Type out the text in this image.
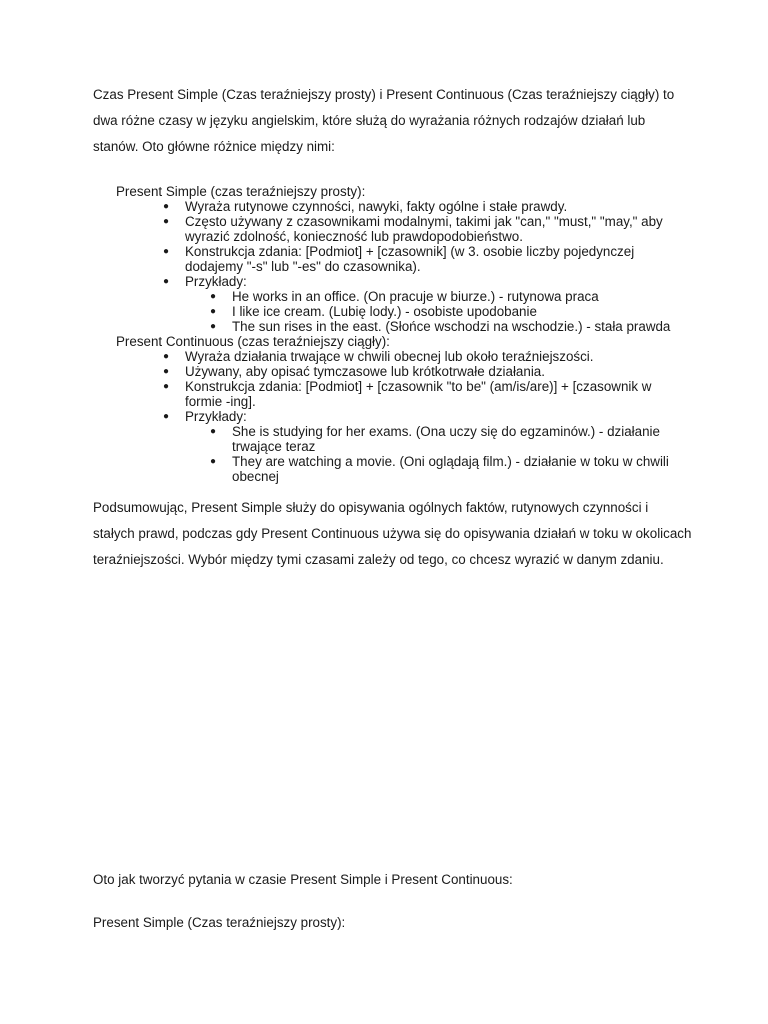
Czas Present Simple (Czas teraźniejszy prosty) i Present Continuous (Czas teraźniejszy ciągły) to dwa różne czasy w języku angielskim, które służą do wyrażania różnych rodzajów działań lub stanów. Oto główne różnice między nimi:

Present Simple (czas teraźniejszy prosty):

● Wyraża rutynowe czynności, nawyki, fakty ogólne i stałe prawdy.
● Często używany z czasownikami modalnymi, takimi jak "can," "must," "may," aby wyrazić zdolność, konieczność lub prawdopodobieństwo.
● Konstrukcja zdania: [Podmiot] + [czasownik] (w 3. osobie liczby pojedynczej dodajemy "-s" lub "-es" do czasownika).
● Przykłady:
● He works in an office. (On pracuje w biurze.) - rutynowa praca
● I like ice cream. (Lubię lody.) - osobiste upodobanie
● The sun rises in the east. (Słońce wschodzi na wschodzie.) - stała prawda

Present Continuous (czas teraźniejszy ciągły):

● Wyraża działania trwające w chwili obecnej lub około teraźniejszości.
● Używany, aby opisać tymczasowe lub krótkotrwałe działania.
● Konstrukcja zdania: [Podmiot] + [czasownik "to be" (am/is/are)] + [czasownik w formie -ing].
● Przykłady:
● She is studying for her exams. (Ona uczy się do egzaminów.) - działanie trwające teraz
● They are watching a movie. (Oni oglądają film.) - działanie w toku w chwili obecnej

Podsumowując, Present Simple służy do opisywania ogólnych faktów, rutynowych czynności i stałych prawd, podczas gdy Present Continuous używa się do opisywania działań w toku w okolicach teraźniejszości. Wybór między tymi czasami zależy od tego, co chcesz wyrazić w danym zdaniu.

Oto jak tworzyć pytania w czasie Present Simple i Present Continuous:

Present Simple (Czas teraźniejszy prosty):
